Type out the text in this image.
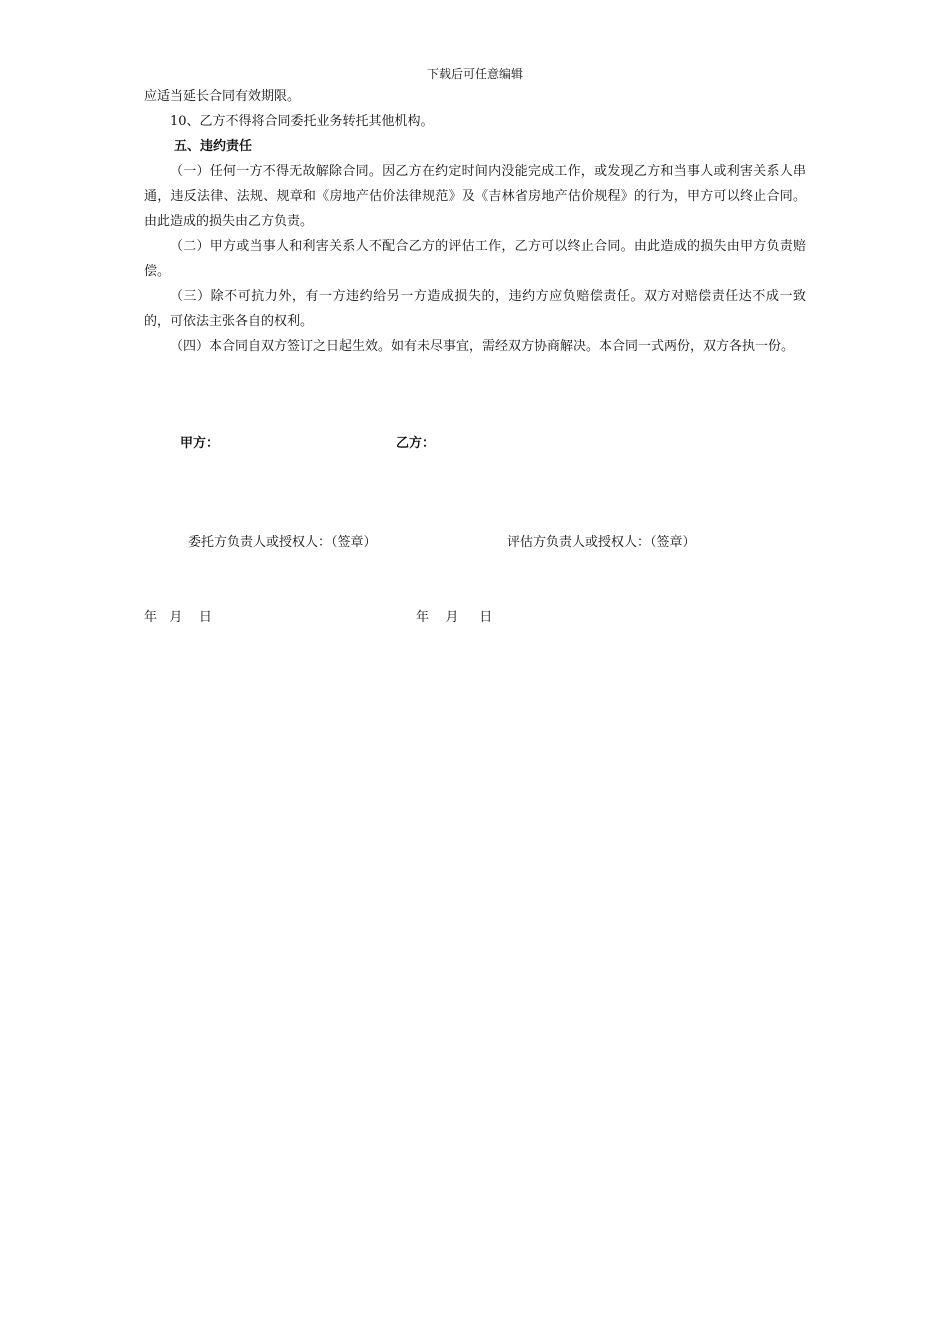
下载后可任意编辑

应适当延长合同有效期限。

10、乙方不得将合同委托业务转托其他机构。

五、违约责任

（一）任何一方不得无故解除合同。因乙方在约定时间内没能完成工作，或发现乙方和当事人或利害关系人串通，违反法律、法规、规章和《房地产估价法律规范》及《吉林省房地产估价规程》的行为，甲方可以终止合同。由此造成的损失由乙方负责。

（二）甲方或当事人和利害关系人不配合乙方的评估工作，乙方可以终止合同。由此造成的损失由甲方负责赔偿。

（三）除不可抗力外，有一方违约给另一方造成损失的，违约方应负赔偿责任。双方对赔偿责任达不成一致的，可依法主张各自的权利。

（四）本合同自双方签订之日起生效。如有未尽事宜，需经双方协商解决。本合同一式两份，双方各执一份。

甲方：	乙方：
委托方负责人或授权人：（签章）	评估方负责人或授权人：（签章）
年   月    日	年    月     日
